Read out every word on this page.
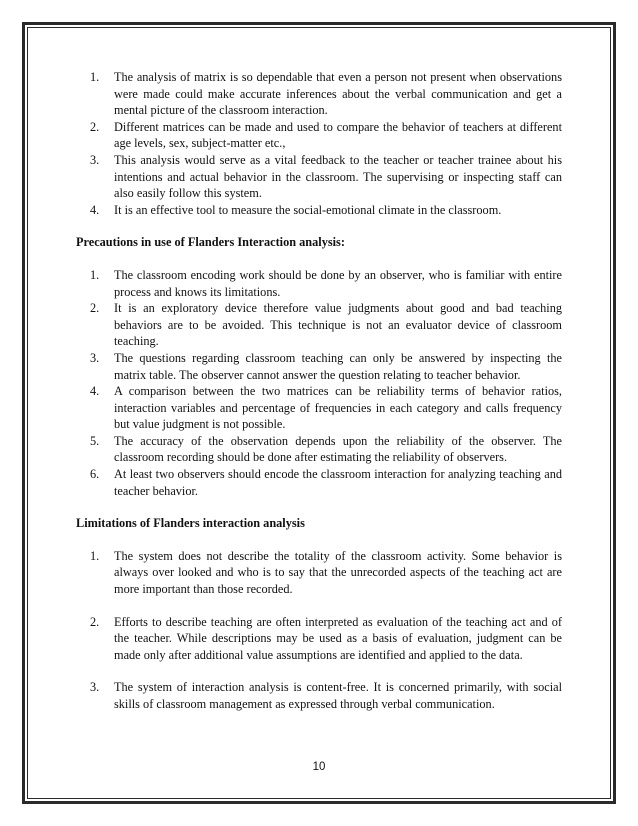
1. The analysis of matrix is so dependable that even a person not present when observations were made could make accurate inferences about the verbal communication and get a mental picture of the classroom interaction.
2. Different matrices can be made and used to compare the behavior of teachers at different age levels, sex, subject-matter etc.,
3. This analysis would serve as a vital feedback to the teacher or teacher trainee about his intentions and actual behavior in the classroom. The supervising or inspecting staff can also easily follow this system.
4. It is an effective tool to measure the social-emotional climate in the classroom.

Precautions in use of Flanders Interaction analysis:

1. The classroom encoding work should be done by an observer, who is familiar with entire process and knows its limitations.
2. It is an exploratory device therefore value judgments about good and bad teaching behaviors are to be avoided. This technique is not an evaluator device of classroom teaching.
3. The questions regarding classroom teaching can only be answered by inspecting the matrix table. The observer cannot answer the question relating to teacher behavior.
4. A comparison between the two matrices can be reliability terms of behavior ratios, interaction variables and percentage of frequencies in each category and calls frequency but value judgment is not possible.
5. The accuracy of the observation depends upon the reliability of the observer. The classroom recording should be done after estimating the reliability of observers.
6. At least two observers should encode the classroom interaction for analyzing teaching and teacher behavior.

Limitations of Flanders interaction analysis

1. The system does not describe the totality of the classroom activity. Some behavior is always over looked and who is to say that the unrecorded aspects of the teaching act are more important than those recorded.
2. Efforts to describe teaching are often interpreted as evaluation of the teaching act and of the teacher. While descriptions may be used as a basis of evaluation, judgment can be made only after additional value assumptions are identified and applied to the data.
3. The system of interaction analysis is content-free. It is concerned primarily, with social skills of classroom management as expressed through verbal communication.
10
